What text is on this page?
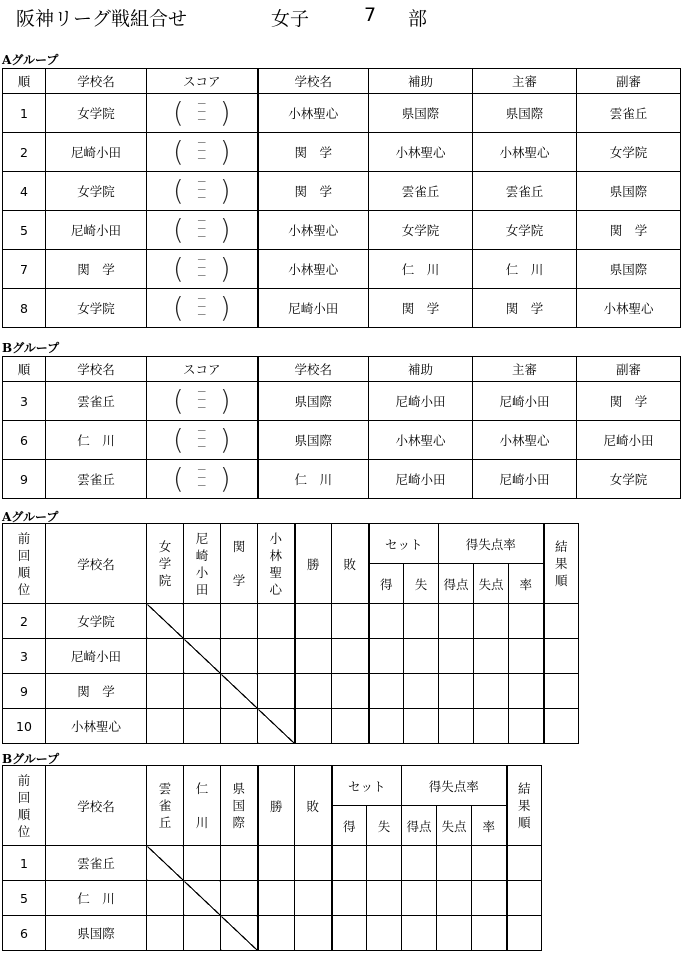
阪神リーグ戦組合せ	女子	7 部
Aグループ
順	学校名	スコア	学校名	補助	主審	副審
1	女学院	( －
－
－ )	小林聖心	県国際	県国際	雲雀丘
2	尼崎小田	( －
－
－ )	関　学	小林聖心	小林聖心	女学院
4	女学院	( －
－
－ )	関　学	雲雀丘	雲雀丘	県国際
5	尼崎小田	( －
－
－ )	小林聖心	女学院	女学院	関　学
7	関　学	( －
－
－ )	小林聖心	仁　川	仁　川	県国際
8	女学院	( －
－
－ )	尼崎小田	関　学	関　学	小林聖心
Bグループ
順	学校名	スコア	学校名	補助	主審	副審
3	雲雀丘	( －
－
－ )	県国際	尼崎小田	尼崎小田	関　学
6	仁　川	( －
－
－ )	県国際	小林聖心	小林聖心	尼崎小田
9	雲雀丘	( －
－
－ )	仁　川	尼崎小田	尼崎小田	女学院
Aグループ
前
回
順
位	学校名	女
学
院	尼
崎
小
田	関
学	小
林
聖
心	勝	敗	セット		得失点率			結
果
順

								得	失	得点	失点	率	
2	女学院												
3	尼崎小田												
9	関　学												
10	小林聖心												
Bグループ
前
回
順
位	学校名	雲
雀
丘	仁
川	県
国
際	勝	敗	セット		得失点率			結
果
順

							得	失	得点	失点	率	
1	雲雀丘											
5	仁　川											
6	県国際											
